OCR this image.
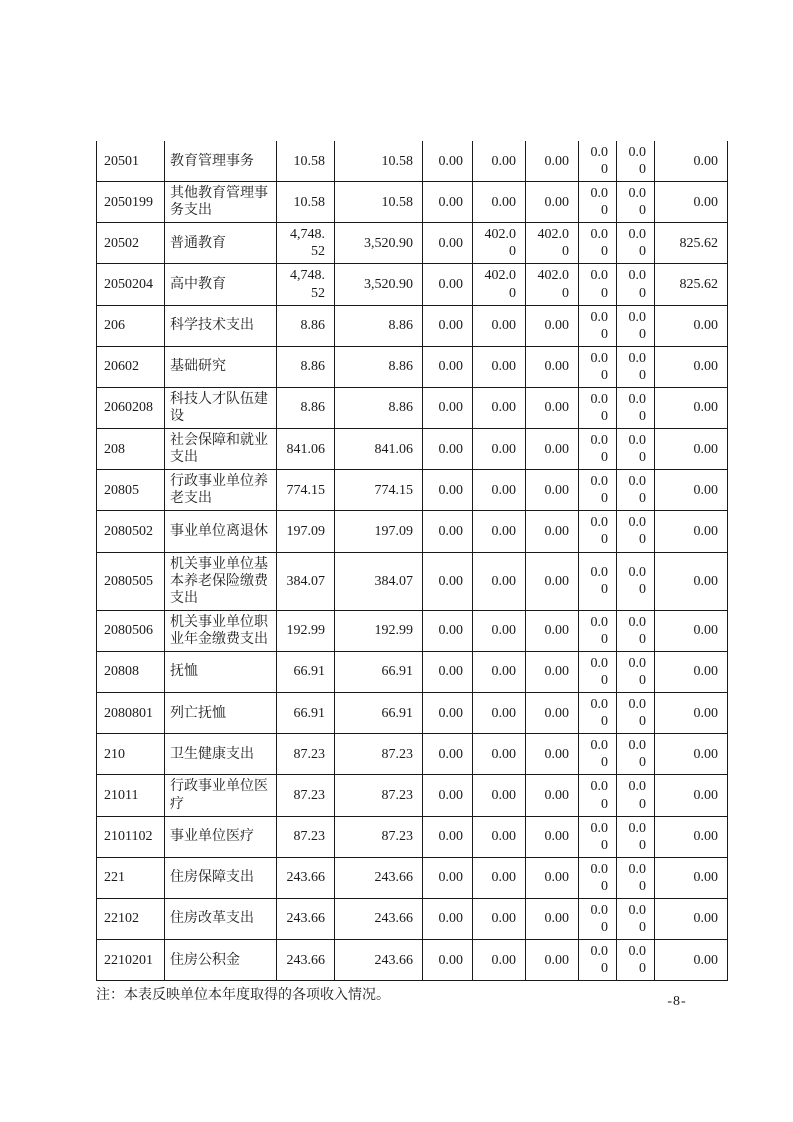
20501	教育管理事务	10.58	10.58	0.00	0.00	0.00	0.00	0.00	0.00
2050199	其他教育管理事务支出	10.58	10.58	0.00	0.00	0.00	0.00	0.00	0.00
20502	普通教育	4,748.52	3,520.90	0.00	402.00	402.00	0.00	0.00	825.62
2050204	高中教育	4,748.52	3,520.90	0.00	402.00	402.00	0.00	0.00	825.62
206	科学技术支出	8.86	8.86	0.00	0.00	0.00	0.00	0.00	0.00
20602	基础研究	8.86	8.86	0.00	0.00	0.00	0.00	0.00	0.00
2060208	科技人才队伍建设	8.86	8.86	0.00	0.00	0.00	0.00	0.00	0.00
208	社会保障和就业支出	841.06	841.06	0.00	0.00	0.00	0.00	0.00	0.00
20805	行政事业单位养老支出	774.15	774.15	0.00	0.00	0.00	0.00	0.00	0.00
2080502	事业单位离退休	197.09	197.09	0.00	0.00	0.00	0.00	0.00	0.00
2080505	机关事业单位基本养老保险缴费支出	384.07	384.07	0.00	0.00	0.00	0.00	0.00	0.00
2080506	机关事业单位职业年金缴费支出	192.99	192.99	0.00	0.00	0.00	0.00	0.00	0.00
20808	抚恤	66.91	66.91	0.00	0.00	0.00	0.00	0.00	0.00
2080801	列亡抚恤	66.91	66.91	0.00	0.00	0.00	0.00	0.00	0.00
210	卫生健康支出	87.23	87.23	0.00	0.00	0.00	0.00	0.00	0.00
21011	行政事业单位医疗	87.23	87.23	0.00	0.00	0.00	0.00	0.00	0.00
2101102	事业单位医疗	87.23	87.23	0.00	0.00	0.00	0.00	0.00	0.00
221	住房保障支出	243.66	243.66	0.00	0.00	0.00	0.00	0.00	0.00
22102	住房改革支出	243.66	243.66	0.00	0.00	0.00	0.00	0.00	0.00
2210201	住房公积金	243.66	243.66	0.00	0.00	0.00	0.00	0.00	0.00
注：本表反映单位本年度取得的各项收入情况。	-8-
